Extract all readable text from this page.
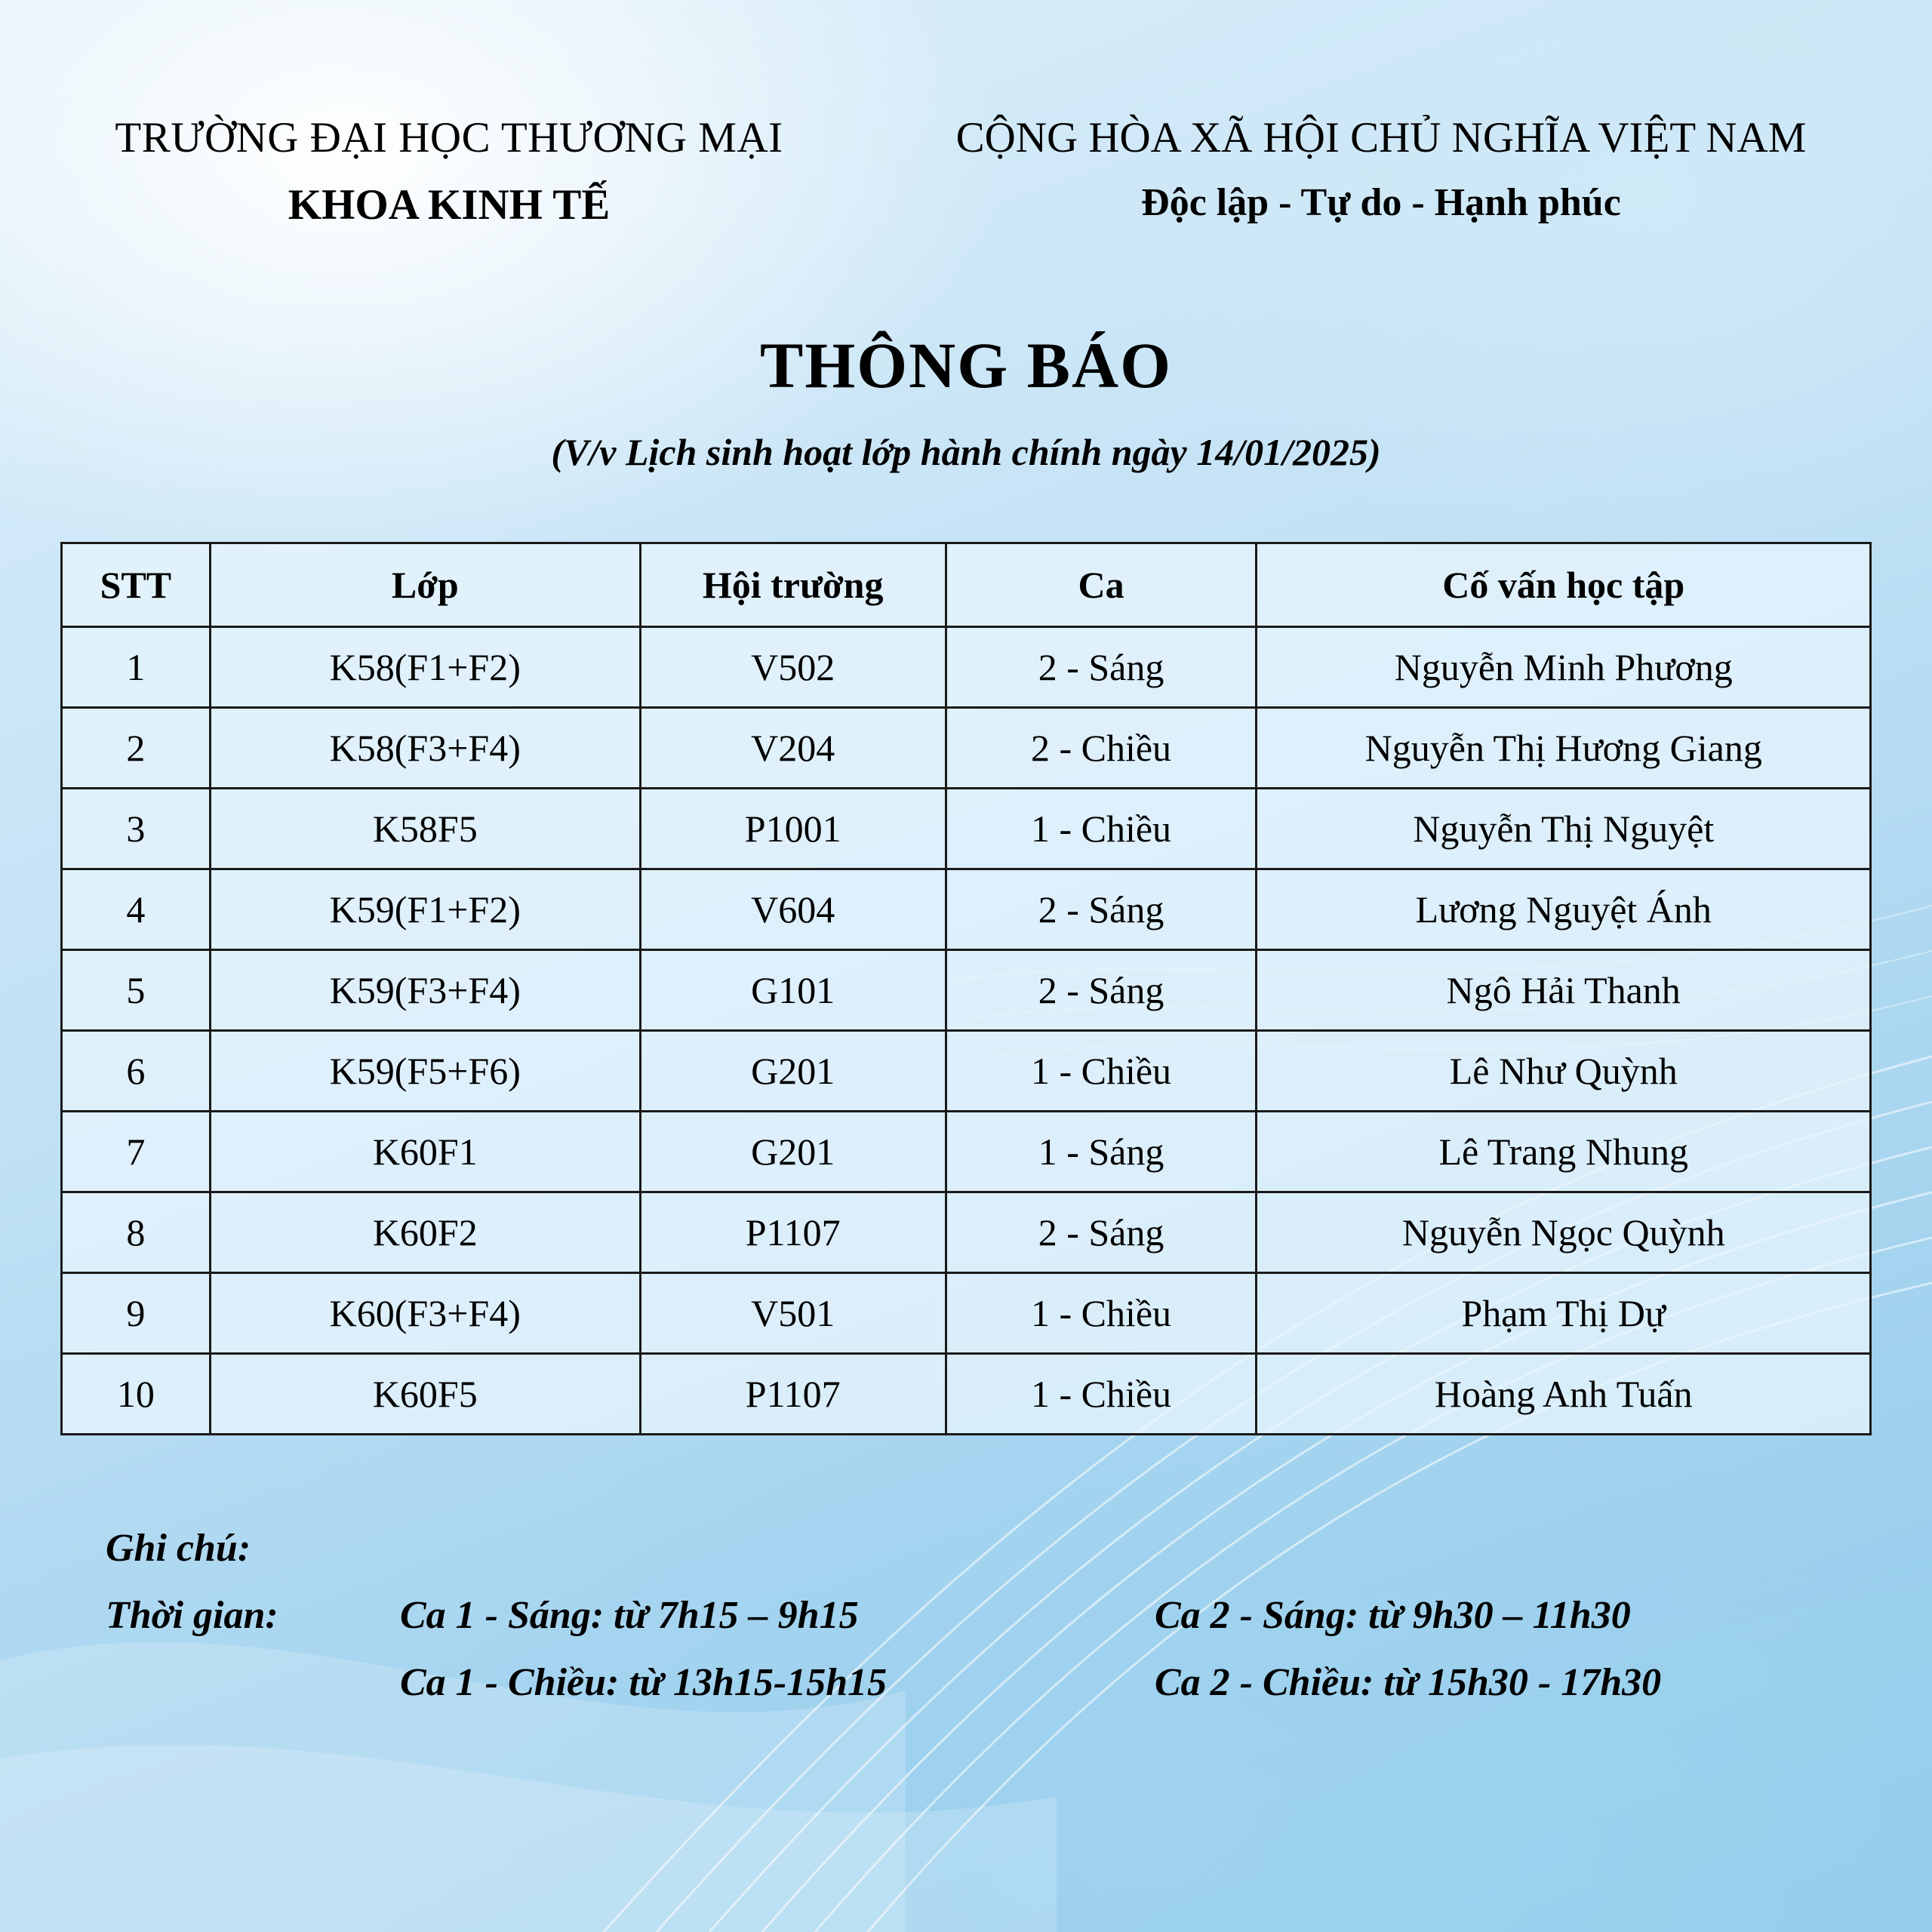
TRƯỜNG ĐẠI HỌC THƯƠNG MẠI
KHOA KINH TẾ
CỘNG HÒA XÃ HỘI CHỦ NGHĨA VIỆT NAM
Độc lập - Tự do - Hạnh phúc
THÔNG BÁO
(V/v Lịch sinh hoạt lớp hành chính ngày 14/01/2025)
STT	Lớp	Hội trường	Ca	Cố vấn học tập
1	K58(F1+F2)	V502	2 - Sáng	Nguyễn Minh Phương
2	K58(F3+F4)	V204	2 - Chiều	Nguyễn Thị Hương Giang
3	K58F5	P1001	1 - Chiều	Nguyễn Thị Nguyệt
4	K59(F1+F2)	V604	2 - Sáng	Lương Nguyệt Ánh
5	K59(F3+F4)	G101	2 - Sáng	Ngô Hải Thanh
6	K59(F5+F6)	G201	1 - Chiều	Lê Như Quỳnh
7	K60F1	G201	1 - Sáng	Lê Trang Nhung
8	K60F2	P1107	2 - Sáng	Nguyễn Ngọc Quỳnh
9	K60(F3+F4)	V501	1 - Chiều	Phạm Thị Dự
10	K60F5	P1107	1 - Chiều	Hoàng Anh Tuấn
Ghi chú:
Thời gian:	Ca 1 - Sáng: từ 7h15 – 9h15	Ca 2 - Sáng: từ 9h30 – 11h30
Ca 1 - Chiều: từ 13h15-15h15	Ca 2 - Chiều: từ 15h30 - 17h30
